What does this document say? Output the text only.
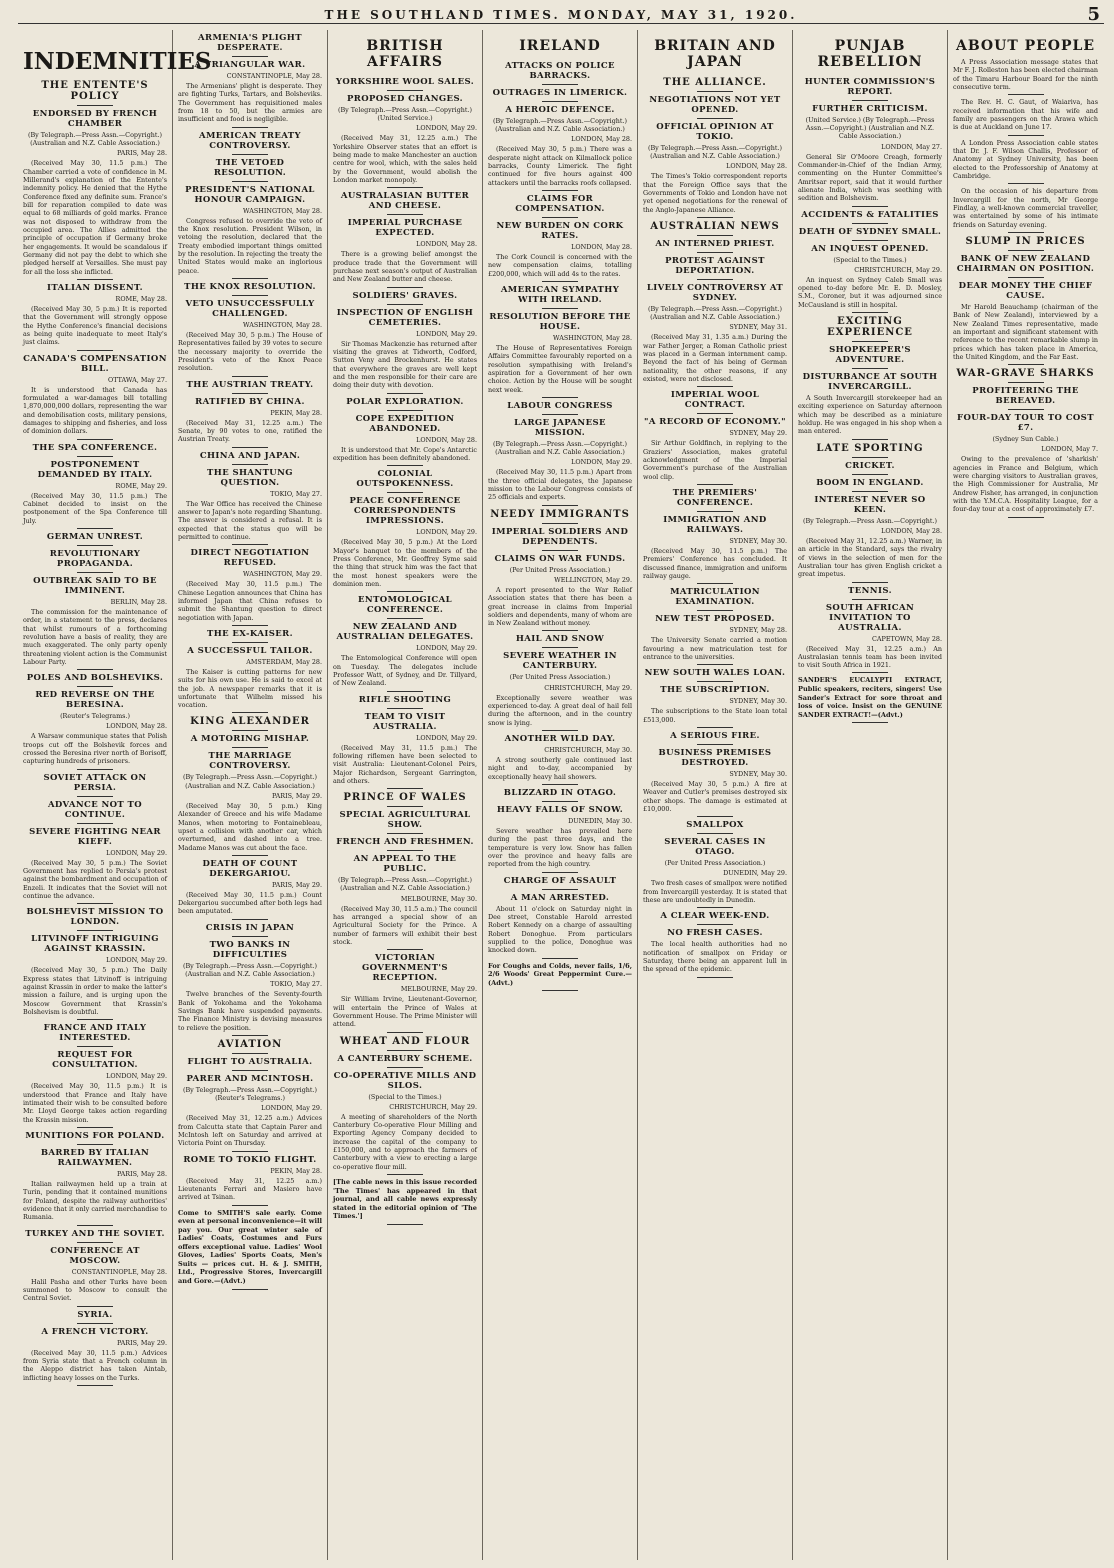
THE SOUTHLAND TIMES. MONDAY, MAY 31, 1920.	5
INDEMNITIES
THE ENTENTE'S POLICY
ENDORSED BY FRENCH CHAMBER
(By Telegraph.—Press Assn.—Copyright.) (Australian and N.Z. Cable Association.)
PARIS, May 28.
(Received May 30, 11.5 p.m.) The Chamber carried a vote of confidence in M. Millerand's explanation of the Entente's indemnity policy. He denied that the Hythe Conference fixed any definite sum. France's bill for reparation compiled to date was equal to 68 milliards of gold marks. France was not disposed to withdraw from the occupied area. The Allies admitted the principle of occupation if Germany broke her engagements. It would be scandalous if Germany did not pay the debt to which she pledged herself at Versailles. She must pay for all the loss she inflicted.
ITALIAN DISSENT.
ROME, May 28.
(Received May 30, 5 p.m.) It is reported that the Government will strongly oppose the Hythe Conference's financial decisions as being quite inadequate to meet Italy's just claims.
CANADA'S COMPENSATION BILL.
OTTAWA, May 27.
It is understood that Canada has formulated a war-damages bill totalling 1,870,000,000 dollars, representing the war and demobilisation costs, military pensions, damages to shipping and fisheries, and loss of dominion dollars.
THE SPA CONFERENCE.
POSTPONEMENT DEMANDED BY ITALY.
ROME, May 29.
(Received May 30, 11.5 p.m.) The Cabinet decided to insist on the postponement of the Spa Conference till July.
GERMAN UNREST.
REVOLUTIONARY PROPAGANDA.
OUTBREAK SAID TO BE IMMINENT.
BERLIN, May 28.
The commission for the maintenance of order, in a statement to the press, declares that whilst rumours of a forthcoming revolution have a basis of reality, they are much exaggerated. The only party openly threatening violent action is the Communist Labour Party.
POLES AND BOLSHEVIKS.
RED REVERSE ON THE BERESINA.
(Reuter's Telegrams.)
LONDON, May 28.
A Warsaw communique states that Polish troops cut off the Bolshevik forces and crossed the Beresina river north of Borisoff, capturing hundreds of prisoners.
SOVIET ATTACK ON PERSIA.
ADVANCE NOT TO CONTINUE.
SEVERE FIGHTING NEAR KIEFF.
LONDON, May 29.
(Received May 30, 5 p.m.) The Soviet Government has replied to Persia's protest against the bombardment and occupation of Enzeli. It indicates that the Soviet will not continue the advance.
BOLSHEVIST MISSION TO LONDON.
LITVINOFF INTRIGUING AGAINST KRASSIN.
LONDON, May 29.
(Received May 30, 5 p.m.) The Daily Express states that Litvinoff is intriguing against Krassin in order to make the latter's mission a failure, and is urging upon the Moscow Government that Krassin's Bolshevism is doubtful.
FRANCE AND ITALY INTERESTED.
REQUEST FOR CONSULTATION.
LONDON, May 29.
(Received May 30, 11.5 p.m.) It is understood that France and Italy have intimated their wish to be consulted before Mr. Lloyd George takes action regarding the Krassin mission.
MUNITIONS FOR POLAND.
BARRED BY ITALIAN RAILWAYMEN.
PARIS, May 28.
Italian railwaymen held up a train at Turin, pending that it contained munitions for Poland, despite the railway authorities' evidence that it only carried merchandise to Rumania.
TURKEY AND THE SOVIET.
CONFERENCE AT MOSCOW.
CONSTANTINOPLE, May 28.
Halil Pasha and other Turks have been summoned to Moscow to consult the Central Soviet.
SYRIA.
A FRENCH VICTORY.
PARIS, May 29.
(Received May 30, 11.5 p.m.) Advices from Syria state that a French column in the Aleppo district has taken Aintab, inflicting heavy losses on the Turks.
ARMENIA'S PLIGHT DESPERATE.
A TRIANGULAR WAR.
CONSTANTINOPLE, May 28.
The Armenians' plight is desperate. They are fighting Turks, Tartars, and Bolsheviks. The Government has requisitioned males from 18 to 50, but the armies are insufficient and food is negligible.
AMERICAN TREATY CONTROVERSY.
THE VETOED RESOLUTION.
PRESIDENT'S NATIONAL HONOUR CAMPAIGN.
WASHINGTON, May 28.
Congress refused to override the veto of the Knox resolution. President Wilson, in vetoing the resolution, declared that the Treaty embodied important things omitted by the resolution. In rejecting the treaty the United States would make an inglorious peace.
THE KNOX RESOLUTION.
VETO UNSUCCESSFULLY CHALLENGED.
WASHINGTON, May 28.
(Received May 30, 5 p.m.) The House of Representatives failed by 39 votes to secure the necessary majority to override the President's veto of the Knox Peace resolution.
THE AUSTRIAN TREATY.
RATIFIED BY CHINA.
PEKIN, May 28.
(Received May 31, 12.25 a.m.) The Senate, by 90 votes to one, ratified the Austrian Treaty.
CHINA AND JAPAN.
THE SHANTUNG QUESTION.
TOKIO, May 27.
The War Office has received the Chinese answer to Japan's note regarding Shantung. The answer is considered a refusal. It is expected that the status quo will be permitted to continue.
DIRECT NEGOTIATION REFUSED.
WASHINGTON, May 29.
(Received May 30, 11.5 p.m.) The Chinese Legation announces that China has informed Japan that China refuses to submit the Shantung question to direct negotiation with Japan.
THE EX-KAISER.
A SUCCESSFUL TAILOR.
AMSTERDAM, May 28.
The Kaiser is cutting patterns for new suits for his own use. He is said to excel at the job. A newspaper remarks that it is unfortunate that Wilhelm missed his vocation.
KING ALEXANDER
A MOTORING MISHAP.
THE MARRIAGE CONTROVERSY.
(By Telegraph.—Press Assn.—Copyright.) (Australian and N.Z. Cable Association.)
PARIS, May 29.
(Received May 30, 5 p.m.) King Alexander of Greece and his wife Madame Manos, when motoring to Fontainebleau, upset a collision with another car, which overturned, and dashed into a tree. Madame Manos was cut about the face.
DEATH OF COUNT DEKERGARIOU.
PARIS, May 29.
(Received May 30, 11.5 p.m.) Count Dekergariou succumbed after both legs had been amputated.
CRISIS IN JAPAN
TWO BANKS IN DIFFICULTIES
(By Telegraph.—Press Assn.—Copyright.) (Australian and N.Z. Cable Association.)
TOKIO, May 27.
Twelve branches of the Seventy-fourth Bank of Yokohama and the Yokohama Savings Bank have suspended payments. The Finance Ministry is devising measures to relieve the position.
AVIATION
FLIGHT TO AUSTRALIA.
PARER AND MCINTOSH.
(By Telegraph.—Press Assn.—Copyright.) (Reuter's Telegrams.)
LONDON, May 29.
(Received May 31, 12.25 a.m.) Advices from Calcutta state that Captain Parer and McIntosh left on Saturday and arrived at Victoria Point on Thursday.
ROME TO TOKIO FLIGHT.
PEKIN, May 28.
(Received May 31, 12.25 a.m.) Lieutenants Ferrari and Masiero have arrived at Tsinan.
Come to SMITH'S sale early. Come even at personal inconvenience—it will pay you. Our great winter sale of Ladies' Coats, Costumes and Furs offers exceptional value. Ladies' Wool Gloves, Ladies' Sports Coats, Men's Suits — prices cut. H. & J. SMITH, Ltd., Progressive Stores, Invercargill and Gore.—(Advt.)
BRITISH AFFAIRS
YORKSHIRE WOOL SALES.
PROPOSED CHANGES.
(By Telegraph.—Press Assn.—Copyright.) (United Service.)
LONDON, May 29.
(Received May 31, 12.25 a.m.) The Yorkshire Observer states that an effort is being made to make Manchester an auction centre for wool, which, with the sales held by the Government, would abolish the London market monopoly.
AUSTRALASIAN BUTTER AND CHEESE.
IMPERIAL PURCHASE EXPECTED.
LONDON, May 28.
There is a growing belief amongst the produce trade that the Government will purchase next season's output of Australian and New Zealand butter and cheese.
SOLDIERS' GRAVES.
INSPECTION OF ENGLISH CEMETERIES.
LONDON, May 29.
Sir Thomas Mackenzie has returned after visiting the graves at Tidworth, Codford, Sutton Veny and Brockenhurst. He states that everywhere the graves are well kept and the men responsible for their care are doing their duty with devotion.
POLAR EXPLORATION.
COPE EXPEDITION ABANDONED.
LONDON, May 28.
It is understood that Mr. Cope's Antarctic expedition has been definitely abandoned.
COLONIAL OUTSPOKENNESS.
PEACE CONFERENCE CORRESPONDENTS IMPRESSIONS.
LONDON, May 29.
(Received May 30, 5 p.m.) At the Lord Mayor's banquet to the members of the Press Conference, Mr. Geoffrey Syme said the thing that struck him was the fact that the most honest speakers were the dominion men.
ENTOMOLOGICAL CONFERENCE.
NEW ZEALAND AND AUSTRALIAN DELEGATES.
LONDON, May 29.
The Entomological Conference will open on Tuesday. The delegates include Professor Watt, of Sydney, and Dr. Tillyard, of New Zealand.
RIFLE SHOOTING
TEAM TO VISIT AUSTRALIA.
LONDON, May 29.
(Received May 31, 11.5 p.m.) The following riflemen have been selected to visit Australia: Lieutenant-Colonel Peirs, Major Richardson, Sergeant Garrington, and others.
PRINCE OF WALES
SPECIAL AGRICULTURAL SHOW.
FRENCH AND FRESHMEN.
AN APPEAL TO THE PUBLIC.
(By Telegraph.—Press Assn.—Copyright.) (Australian and N.Z. Cable Association.)
MELBOURNE, May 30.
(Received May 30, 11.5 a.m.) The council has arranged a special show of an Agricultural Society for the Prince. A number of farmers will exhibit their best stock.
VICTORIAN GOVERNMENT'S RECEPTION.
MELBOURNE, May 29.
Sir William Irvine, Lieutenant-Governor, will entertain the Prince of Wales at Government House. The Prime Minister will attend.
WHEAT AND FLOUR
A CANTERBURY SCHEME.
CO-OPERATIVE MILLS AND SILOS.
(Special to the Times.)
CHRISTCHURCH, May 29.
A meeting of shareholders of the North Canterbury Co-operative Flour Milling and Exporting Agency Company decided to increase the capital of the company to £150,000, and to approach the farmers of Canterbury with a view to erecting a large co-operative flour mill.
[The cable news in this issue recorded 'The Times' has appeared in that journal, and all cable news expressly stated in the editorial opinion of 'The Times.']
IRELAND
ATTACKS ON POLICE BARRACKS.
OUTRAGES IN LIMERICK.
A HEROIC DEFENCE.
(By Telegraph.—Press Assn.—Copyright.) (Australian and N.Z. Cable Association.)
LONDON, May 28.
(Received May 30, 5 p.m.) There was a desperate night attack on Kilmallock police barracks, County Limerick. The fight continued for five hours against 400 attackers until the barracks roofs collapsed.
CLAIMS FOR COMPENSATION.
NEW BURDEN ON CORK RATES.
LONDON, May 28.
The Cork Council is concerned with the new compensation claims, totalling £200,000, which will add 4s to the rates.
AMERICAN SYMPATHY WITH IRELAND.
RESOLUTION BEFORE THE HOUSE.
WASHINGTON, May 28.
The House of Representatives Foreign Affairs Committee favourably reported on a resolution sympathising with Ireland's aspiration for a Government of her own choice. Action by the House will be sought next week.
LABOUR CONGRESS
LARGE JAPANESE MISSION.
(By Telegraph.—Press Assn.—Copyright.) (Australian and N.Z. Cable Association.)
LONDON, May 29.
(Received May 30, 11.5 p.m.) Apart from the three official delegates, the Japanese mission to the Labour Congress consists of 25 officials and experts.
NEEDY IMMIGRANTS
IMPERIAL SOLDIERS AND DEPENDENTS.
CLAIMS ON WAR FUNDS.
(Per United Press Association.)
WELLINGTON, May 29.
A report presented to the War Relief Association states that there has been a great increase in claims from Imperial soldiers and dependents, many of whom are in New Zealand without money.
HAIL AND SNOW
SEVERE WEATHER IN CANTERBURY.
(Per United Press Association.)
CHRISTCHURCH, May 29.
Exceptionally severe weather was experienced to-day. A great deal of hail fell during the afternoon, and in the country snow is lying.
ANOTHER WILD DAY.
CHRISTCHURCH, May 30.
A strong southerly gale continued last night and to-day, accompanied by exceptionally heavy hail showers.
BLIZZARD IN OTAGO.
HEAVY FALLS OF SNOW.
DUNEDIN, May 30.
Severe weather has prevailed here during the past three days, and the temperature is very low. Snow has fallen over the province and heavy falls are reported from the high country.
CHARGE OF ASSAULT
A MAN ARRESTED.
About 11 o'clock on Saturday night in Dee street, Constable Harold arrested Robert Kennedy on a charge of assaulting Robert Donoghue. From particulars supplied to the police, Donoghue was knocked down.
For Coughs and Colds, never fails, 1/6, 2/6 Woods' Great Peppermint Cure.—(Advt.)
BRITAIN AND JAPAN
THE ALLIANCE.
NEGOTIATIONS NOT YET OPENED.
OFFICIAL OPINION AT TOKIO.
(By Telegraph.—Press Assn.—Copyright.) (Australian and N.Z. Cable Association.)
LONDON, May 28.
The Times's Tokio correspondent reports that the Foreign Office says that the Governments of Tokio and London have not yet opened negotiations for the renewal of the Anglo-Japanese Alliance.
AUSTRALIAN NEWS
AN INTERNED PRIEST.
PROTEST AGAINST DEPORTATION.
LIVELY CONTROVERSY AT SYDNEY.
(By Telegraph.—Press Assn.—Copyright.) (Australian and N.Z. Cable Association.)
SYDNEY, May 31.
(Received May 31, 1.35 a.m.) During the war Father Jerger, a Roman Catholic priest was placed in a German internment camp. Beyond the fact of his being of German nationality, the other reasons, if any existed, were not disclosed.
IMPERIAL WOOL CONTRACT.
"A RECORD OF ECONOMY."
SYDNEY, May 29.
Sir Arthur Goldfinch, in replying to the Graziers' Association, makes grateful acknowledgment of the Imperial Government's purchase of the Australian wool clip.
THE PREMIERS' CONFERENCE.
IMMIGRATION AND RAILWAYS.
SYDNEY, May 30.
(Received May 30, 11.5 p.m.) The Premiers' Conference has concluded. It discussed finance, immigration and uniform railway gauge.
MATRICULATION EXAMINATION.
NEW TEST PROPOSED.
SYDNEY, May 28.
The University Senate carried a motion favouring a new matriculation test for entrance to the universities.
NEW SOUTH WALES LOAN.
THE SUBSCRIPTION.
SYDNEY, May 30.
The subscriptions to the State loan total £513,000.
A SERIOUS FIRE.
BUSINESS PREMISES DESTROYED.
SYDNEY, May 30.
(Received May 30, 5 p.m.) A fire at Weaver and Cutler's premises destroyed six other shops. The damage is estimated at £10,000.
SMALLPOX
SEVERAL CASES IN OTAGO.
(Per United Press Association.)
DUNEDIN, May 29.
Two fresh cases of smallpox were notified from Invercargill yesterday. It is stated that these are undoubtedly in Dunedin.
A CLEAR WEEK-END.
NO FRESH CASES.
The local health authorities had no notification of smallpox on Friday or Saturday, there being an apparent lull in the spread of the epidemic.
PUNJAB REBELLION
HUNTER COMMISSION'S REPORT.
FURTHER CRITICISM.
(United Service.) (By Telegraph.—Press Assn.—Copyright.) (Australian and N.Z. Cable Association.)
LONDON, May 27.
General Sir O'Moore Creagh, formerly Commander-in-Chief of the Indian Army, commenting on the Hunter Committee's Amritsar report, said that it would further alienate India, which was seething with sedition and Bolshevism.
ACCIDENTS & FATALITIES
DEATH OF SYDNEY SMALL.
AN INQUEST OPENED.
(Special to the Times.)
CHRISTCHURCH, May 29.
An inquest on Sydney Caleb Small was opened to-day before Mr. E. D. Mosley, S.M., Coroner, but it was adjourned since McCausland is still in hospital.
EXCITING EXPERIENCE
SHOPKEEPER'S ADVENTURE.
DISTURBANCE AT SOUTH INVERCARGILL.
A South Invercargill storekeeper had an exciting experience on Saturday afternoon which may be described as a miniature holdup. He was engaged in his shop when a man entered.
LATE SPORTING
CRICKET.
BOOM IN ENGLAND.
INTEREST NEVER SO KEEN.
(By Telegraph.—Press Assn.—Copyright.)
LONDON, May 28.
(Received May 31, 12.25 a.m.) Warner, in an article in the Standard, says the rivalry of views in the selection of men for the Australian tour has given English cricket a great impetus.
TENNIS.
SOUTH AFRICAN INVITATION TO AUSTRALIA.
CAPETOWN, May 28.
(Received May 31, 12.25 a.m.) An Australasian tennis team has been invited to visit South Africa in 1921.
SANDER'S EUCALYPTI EXTRACT, Public speakers, reciters, singers! Use Sander's Extract for sore throat and loss of voice. Insist on the GENUINE SANDER EXTRACT!—(Advt.)
ABOUT PEOPLE
A Press Association message states that Mr F. J. Rolleston has been elected chairman of the Timaru Harbour Board for the ninth consecutive term.
The Rev. H. C. Gaut, of Waiariva, has received information that his wife and family are passengers on the Arawa which is due at Auckland on June 17.
A London Press Association cable states that Dr. J. F. Wilson Challis, Professor of Anatomy at Sydney University, has been elected to the Professorship of Anatomy at Cambridge.
On the occasion of his departure from Invercargill for the north, Mr George Findlay, a well-known commercial traveller, was entertained by some of his intimate friends on Saturday evening.
SLUMP IN PRICES
BANK OF NEW ZEALAND CHAIRMAN ON POSITION.
DEAR MONEY THE CHIEF CAUSE.
Mr Harold Beauchamp (chairman of the Bank of New Zealand), interviewed by a New Zealand Times representative, made an important and significant statement with reference to the recent remarkable slump in prices which has taken place in America, the United Kingdom, and the Far East.
WAR-GRAVE SHARKS
PROFITEERING THE BEREAVED.
FOUR-DAY TOUR TO COST £7.
(Sydney Sun Cable.)
LONDON, May 7.
Owing to the prevalence of 'sharkish' agencies in France and Belgium, which were charging visitors to Australian graves, the High Commissioner for Australia, Mr Andrew Fisher, has arranged, in conjunction with the Y.M.C.A. Hospitality League, for a four-day tour at a cost of approximately £7.
